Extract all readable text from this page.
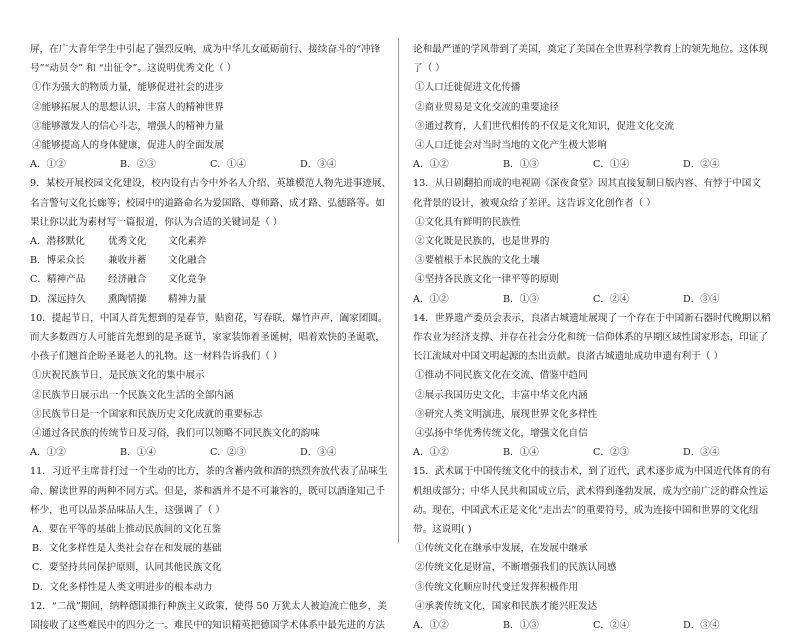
屏，在广大青年学生中引起了强烈反响，成为中华儿女砥砺前行、接续奋斗的“冲锋
号”“动员令” 和 “出征令”。这说明优秀文化（ ）
①作为强大的物质力量，能够促进社会的进步
②能够拓展人的思想认识，丰富人的精神世界
③能够激发人的信心斗志，增强人的精神力量
④能够提高人的身体健康，促进人的全面发展
A．①②	B．②③	C．①④	D．③④
9．某校开展校园文化建设，校内设有古今中外名人介绍、英雄模范人物先进事迹展、
名言警句文化长廊等；校园中的道路命名为爱国路、尊师路、成才路、弘德路等。如
果让你以此为素材写一篇报道，你认为合适的关键词是（ ）
A．潜移默化	优秀文化	文化素养
B．博采众长	兼收并蓄	文化融合
C．精神产品	经济融合	文化竞争
D．深远持久	熏陶情操	精神力量
10．提起节日，中国人首先想到的是春节，贴窗花，写春联，爆竹声声，阖家团圆。
而大多数西方人可能首先想到的是圣诞节，家家装饰着圣诞树，唱着欢快的圣诞歌，
小孩子们翘首企盼圣诞老人的礼物。这一材料告诉我们（ ）
①庆祝民族节日，是民族文化的集中展示
②民族节日展示出一个民族文化生活的全部内涵
③民族节日是一个国家和民族历史文化成就的重要标志
④通过各民族的传统节日及习俗，我们可以领略不同民族文化的韵味
A．①②	B．①④	C．②③	D．③④
11．习近平主席昔打过一个生动的比方，茶的含蓄内敛和酒的热烈奔放代表了品味生
命、解读世界的两种不同方式。但是，茶和酒并不是不可兼容的，既可以酒逢知己千
杯少，也可以品茶品味品人生，这强调了（ ）
A．要在平等的基础上推动民族间的文化互鉴
B．文化多样性是人类社会存在和发展的基础
C．要坚持共同保护原则，认同其他民族文化
D．文化多样性是人类文明进步的根本动力
12．“二战”期间，纳粹德国推行种族主义政策，使得 50 万犹太人被迫流亡他乡，美
国接收了这些难民中的四分之一。难民中的知识精英把德国学术体系中最先进的方法
论和最严谨的学风带到了美国，奠定了美国在全世界科学教育上的领先地位。这体现
了（ ）
①人口迁徙促进文化传播
②商业贸易是文化交流的重要途径
③通过教育，人们世代相传的不仅是文化知识，促进文化交流
④人口迁徙会对当时当地的文化产生极大影响
A．①②	B．①③	C．①④	D．②④
13．从日剧翻拍而成的电视剧《深夜食堂》因其直接复制日版内容、有悖于中国文
化背景的设计，被观众给了差评。这告诉文化创作者（ ）
①文化具有鲜明的民族性
②文化既是民族的，也是世界的
③要植根于本民族的文化土壤
④坚持各民族文化一律平等的原则
A．①②	B．①③	C．②④	D．③④
14．世界遗产委员会表示，良渚古城遗址展现了一个存在于中国新石器时代晚期以稻
作农业为经济支撑、并存在社会分化和统一信仰体系的早期区域性国家形态，印证了
长江流域对中国文明起源的杰出贡献。良渚古城遗址成功申遗有利于（ ）
①推动不同民族文化在交流、借鉴中趋同
②展示我国历史文化，丰富中华文化内涵
③研究人类文明演进，展现世界文化多样性
④弘扬中华优秀传统文化，增强文化自信
A．①②	B．①④	C．②③	D．③④
15．武术属于中国传统文化中的技击术，到了近代，武术逐步成为中国近代体育的有
机组成部分；中华人民共和国成立后，武术得到蓬勃发展，成为空前广泛的群众性运
动。现在，中国武术正是文化“走出去”的重要符号，成为连接中国和世界的文化纽
带。这说明( )
①传统文化在继承中发展，在发展中继承
②传统文化是财富，不断增强我们的民族认同感
③传统文化顺应时代变迁发挥积极作用
④承袭传统文化，国家和民族才能兴旺发达
A．①②	B．①③	C．②④	D．③④
